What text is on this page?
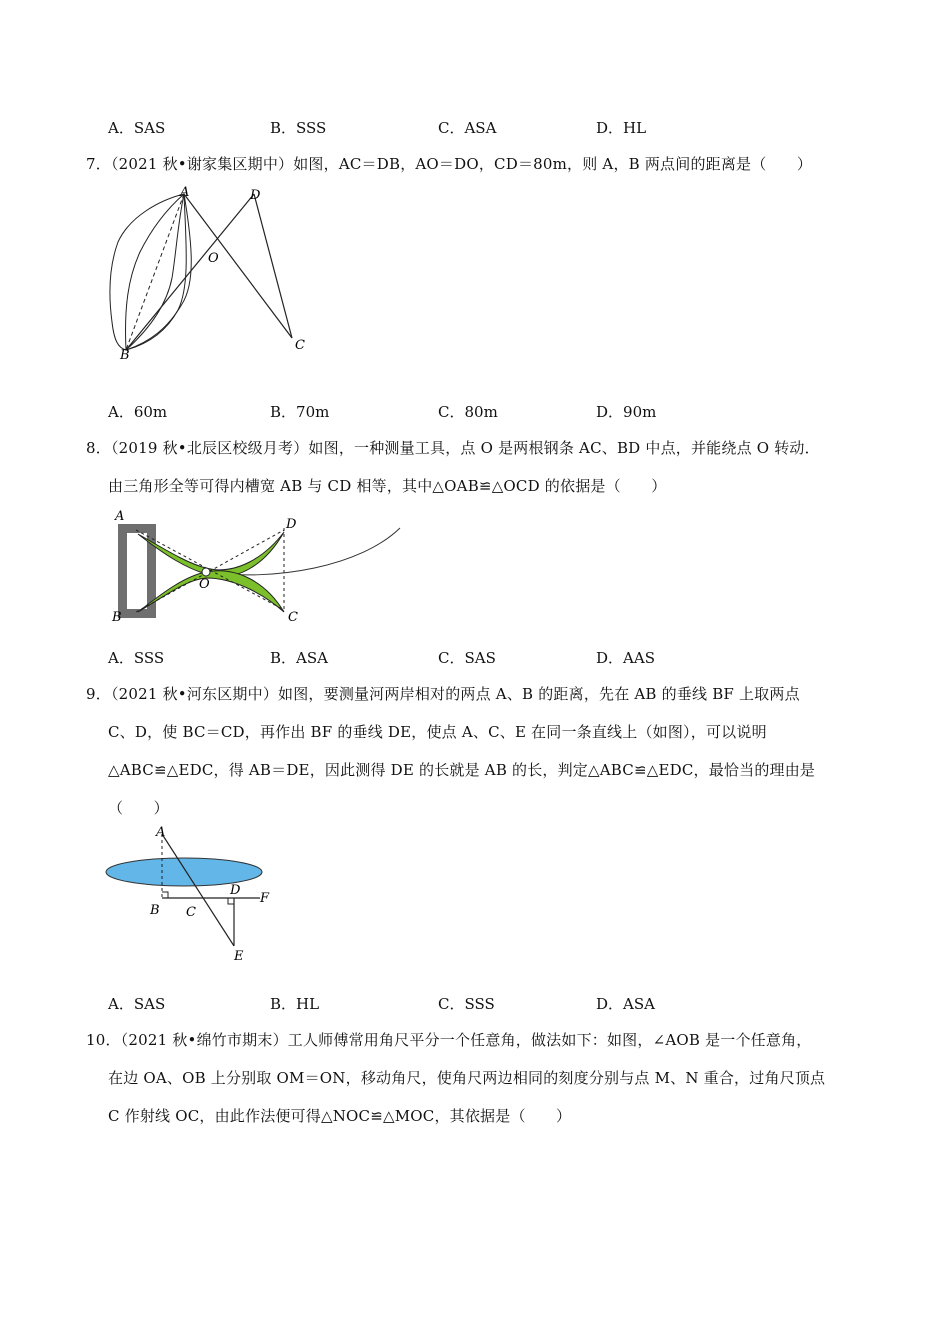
A．SAS	B．SSS	C．ASA	D．HL
7．（2021 秋•谢家集区期中）如图，AC＝DB，AO＝DO，CD＝80m，则 A，B 两点间的距离是（　　）
A	D
O
C
B
A．60m	B．70m	C．80m	D．90m
8．（2019 秋•北辰区校级月考）如图，一种测量工具，点 O 是两根钢条 AC、BD 中点，并能绕点 O 转动．
由三角形全等可得内槽宽 AB 与 CD 相等，其中△OAB≌△OCD 的依据是（　　）
A
D
O
B	C
A．SSS	B．ASA	C．SAS	D．AAS
9．（2021 秋•河东区期中）如图，要测量河两岸相对的两点 A、B 的距离，先在 AB 的垂线 BF 上取两点
C、D，使 BC＝CD，再作出 BF 的垂线 DE，使点 A、C、E 在同一条直线上（如图），可以说明
△ABC≌△EDC，得 AB＝DE，因此测得 DE 的长就是 AB 的长，判定△ABC≌△EDC，最恰当的理由是
（　　）
A
B C
D
F
E
A．SAS	B．HL	C．SSS	D．ASA
10．（2021 秋•绵竹市期末）工人师傅常用角尺平分一个任意角，做法如下：如图，∠AOB 是一个任意角，
在边 OA、OB 上分别取 OM＝ON，移动角尺，使角尺两边相同的刻度分别与点 M、N 重合，过角尺顶点
C 作射线 OC，由此作法便可得△NOC≌△MOC，其依据是（　　）
